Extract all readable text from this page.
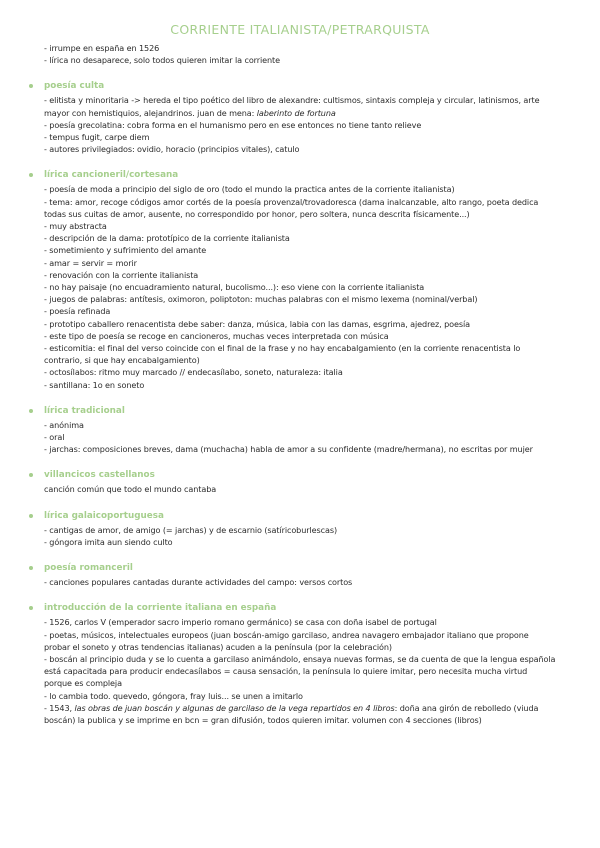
CORRIENTE ITALIANISTA/PETRARQUISTA
- irrumpe en españa en 1526
- lírica no desaparece, solo todos quieren imitar la corriente
poesía culta
- elitista y minoritaria -> hereda el tipo poético del libro de alexandre: cultismos, sintaxis compleja y circular, latinismos, arte mayor con hemistiquios, alejandrinos. juan de mena: laberinto de fortuna
- poesía grecolatina: cobra forma en el humanismo pero en ese entonces no tiene tanto relieve
- tempus fugit, carpe diem
- autores privilegiados: ovidio, horacio (principios vitales), catulo
lírica cancioneril/cortesana
- poesía de moda a principio del siglo de oro (todo el mundo la practica antes de la corriente italianista)
- tema: amor, recoge códigos amor cortés de la poesía provenzal/trovadoresca (dama inalcanzable, alto rango, poeta dedica todas sus cuitas de amor, ausente, no correspondido por honor, pero soltera, nunca descrita físicamente...)
- muy abstracta
- descripción de la dama: prototípico de la corriente italianista
- sometimiento y sufrimiento del amante
- amar = servir = morir
- renovación con la corriente italianista
- no hay paisaje (no encuadramiento natural, bucolismo...): eso viene con la corriente italianista
- juegos de palabras: antítesis, oximoron, poliptoton: muchas palabras con el mismo lexema (nominal/verbal)
- poesía refinada
- prototipo caballero renacentista debe saber: danza, música, labia con las damas, esgrima, ajedrez, poesía
- este tipo de poesía se recoge en cancioneros, muchas veces interpretada con música
- esticomitia: el final del verso coincide con el final de la frase y no hay encabalgamiento (en la corriente renacentista lo contrario, si que hay encabalgamiento)
- octosílabos: ritmo muy marcado // endecasílabo, soneto, naturaleza: italia
- santillana: 1o en soneto
lírica tradicional
- anónima
- oral
- jarchas: composiciones breves, dama (muchacha) habla de amor a su confidente (madre/hermana), no escritas por mujer
villancicos castellanos
canción común que todo el mundo cantaba
lírica galaicoportuguesa
- cantigas de amor, de amigo (= jarchas) y de escarnio (satíricoburlescas)
- góngora imita aun siendo culto
poesía romanceril
- canciones populares cantadas durante actividades del campo: versos cortos
introducción de la corriente italiana en españa
- 1526, carlos V (emperador sacro imperio romano germánico) se casa con doña isabel de portugal
- poetas, músicos, intelectuales europeos (juan boscán-amigo garcilaso, andrea navagero embajador italiano que propone probar el soneto y otras tendencias italianas) acuden a la península (por la celebración)
- boscán al principio duda y se lo cuenta a garcilaso animándolo, ensaya nuevas formas, se da cuenta de que la lengua española está capacitada para producir endecasílabos = causa sensación, la península lo quiere imitar, pero necesita mucha virtud porque es compleja
- lo cambia todo. quevedo, góngora, fray luis... se unen a imitarlo
- 1543, las obras de juan boscán y algunas de garcilaso de la vega repartidos en 4 libros: doña ana girón de rebolledo (viuda boscán) la publica y se imprime en bcn = gran difusión, todos quieren imitar. volumen con 4 secciones (libros)
